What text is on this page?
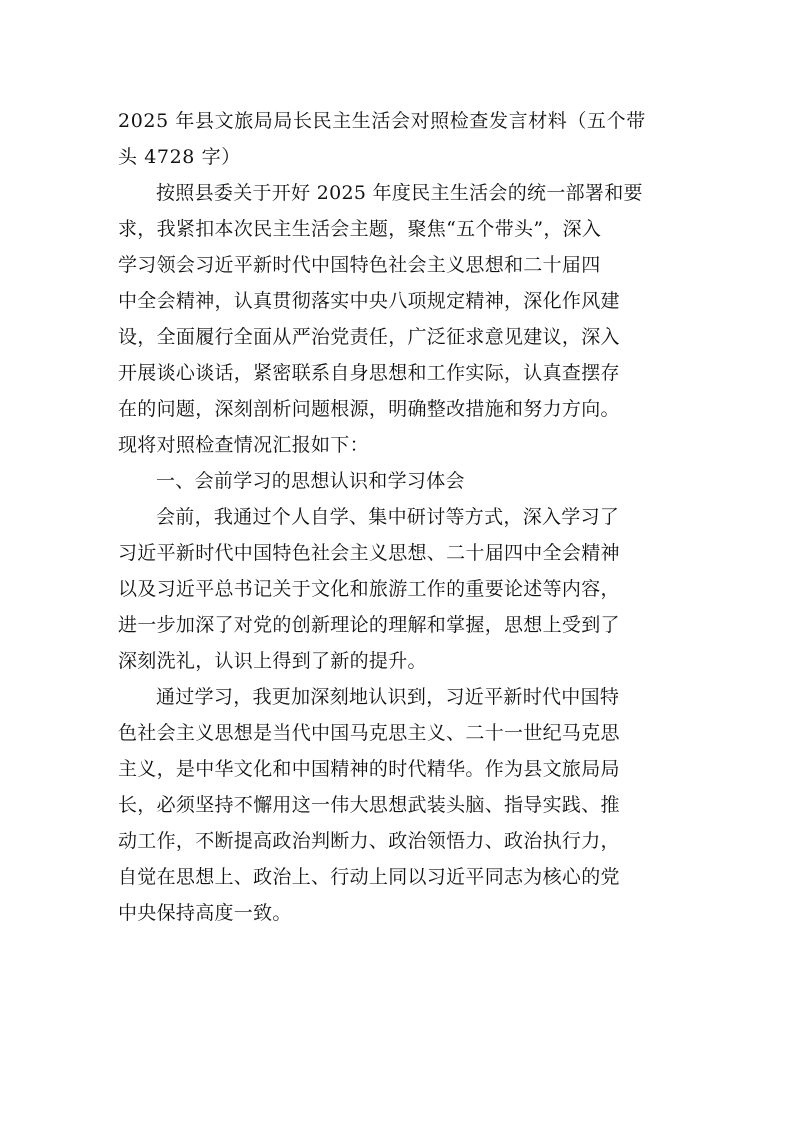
2025 年县文旅局局长民主生活会对照检查发言材料（五个带
头 4728 字）
按照县委关于开好 2025 年度民主生活会的统一部署和要
求，我紧扣本次民主生活会主题，聚焦“五个带头”，深入
学习领会习近平新时代中国特色社会主义思想和二十届四
中全会精神，认真贯彻落实中央八项规定精神，深化作风建
设，全面履行全面从严治党责任，广泛征求意见建议，深入
开展谈心谈话，紧密联系自身思想和工作实际，认真查摆存
在的问题，深刻剖析问题根源，明确整改措施和努力方向。
现将对照检查情况汇报如下：
一、会前学习的思想认识和学习体会
会前，我通过个人自学、集中研讨等方式，深入学习了
习近平新时代中国特色社会主义思想、二十届四中全会精神
以及习近平总书记关于文化和旅游工作的重要论述等内容，
进一步加深了对党的创新理论的理解和掌握，思想上受到了
深刻洗礼，认识上得到了新的提升。
通过学习，我更加深刻地认识到，习近平新时代中国特
色社会主义思想是当代中国马克思主义、二十一世纪马克思
主义，是中华文化和中国精神的时代精华。作为县文旅局局
长，必须坚持不懈用这一伟大思想武装头脑、指导实践、推
动工作，不断提高政治判断力、政治领悟力、政治执行力，
自觉在思想上、政治上、行动上同以习近平同志为核心的党
中央保持高度一致。
